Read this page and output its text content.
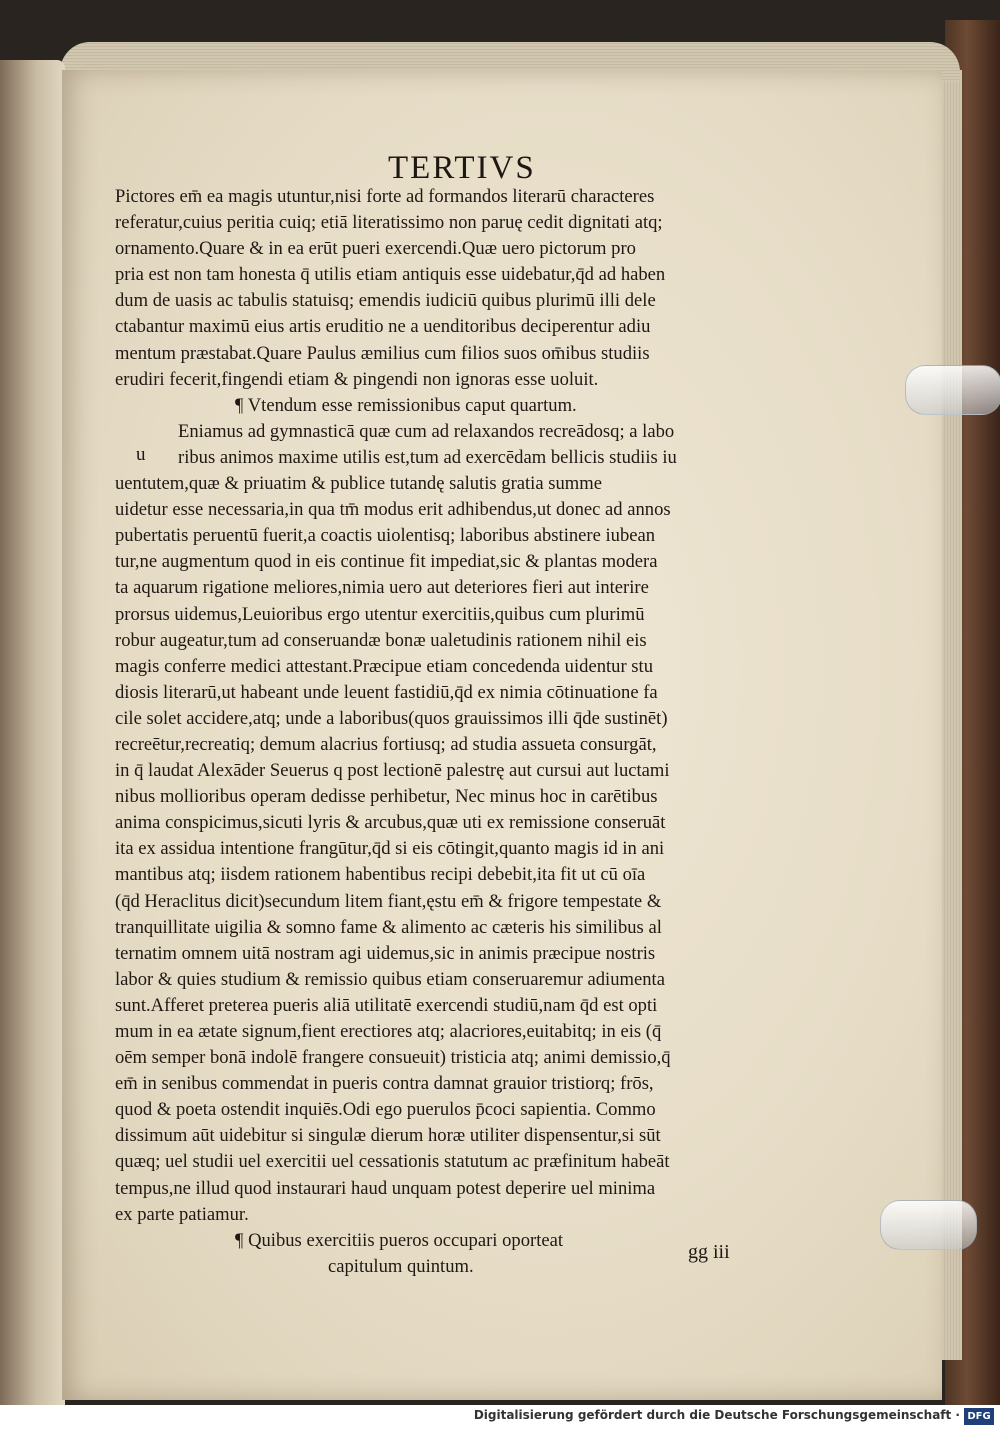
TERTIVS
u
Pictores em̄ ea magis utuntur,nisi forte ad formandos literarū characteres
referatur,cuius peritia cuiq; etiā literatissimo non paruę cedit dignitati atq;
ornamento.Quare & in ea erūt pueri exercendi.Quæ uero pictorum pro
pria est non tam honesta q̄ utilis etiam antiquis esse uidebatur,q̄d ad haben
dum de uasis ac tabulis statuisq; emendis iudiciū quibus plurimū illi dele
ctabantur maximū eius artis eruditio ne a uenditoribus deciperentur adiu
mentum præstabat.Quare Paulus æmilius cum filios suos om̄ibus studiis
erudiri fecerit,fingendi etiam & pingendi non ignoras esse uoluit.
¶ Vtendum esse remissionibus caput quartum.
Eniamus ad gymnasticā quæ cum ad relaxandos recreādosq; a labo
ribus animos maxime utilis est,tum ad exercēdam bellicis studiis iu
uentutem,quæ & priuatim & publice tutandę salutis gratia summe
uidetur esse necessaria,in qua tm̄ modus erit adhibendus,ut donec ad annos
pubertatis peruentū fuerit,a coactis uiolentisq; laboribus abstinere iubean
tur,ne augmentum quod in eis continue fit impediat,sic & plantas modera
ta aquarum rigatione meliores,nimia uero aut deteriores fieri aut interire
prorsus uidemus,Leuioribus ergo utentur exercitiis,quibus cum plurimū
robur augeatur,tum ad conseruandæ bonæ ualetudinis rationem nihil eis
magis conferre medici attestant.Præcipue etiam concedenda uidentur stu
diosis literarū,ut habeant unde leuent fastidiū,q̄d ex nimia cōtinuatione fa
cile solet accidere,atq; unde a laboribus(quos grauissimos illi q̄de sustinēt)
recreētur,recreatiq; demum alacrius fortiusq; ad studia assueta consurgāt,
in q̄ laudat Alexāder Seuerus q post lectionē palestrę aut cursui aut luctami
nibus mollioribus operam dedisse perhibetur, Nec minus hoc in carētibus
anima conspicimus,sicuti lyris & arcubus,quæ uti ex remissione conseruāt
ita ex assidua intentione frangūtur,q̄d si eis cōtingit,quanto magis id in ani
mantibus atq; iisdem rationem habentibus recipi debebit,ita fit ut cū oīa
(q̄d Heraclitus dicit)secundum litem fiant,ęstu em̄ & frigore tempestate &
tranquillitate uigilia & somno fame & alimento ac cæteris his similibus al
ternatim omnem uitā nostram agi uidemus,sic in animis præcipue nostris
labor & quies studium & remissio quibus etiam conseruaremur adiumenta
sunt.Afferet preterea pueris aliā utilitatē exercendi studiū,nam q̄d est opti
mum in ea ætate signum,fient erectiores atq; alacriores,euitabitq; in eis (q̄
oēm semper bonā indolē frangere consueuit) tristicia atq; animi demissio,q̄
em̄ in senibus commendat in pueris contra damnat grauior tristiorq; frōs,
quod & poeta ostendit inquiēs.Odi ego puerulos p̄coci sapientia. Commo
dissimum aūt uidebitur si singulæ dierum horæ utiliter dispensentur,si sūt
quæq; uel studii uel exercitii uel cessationis statutum ac præfinitum habeāt
tempus,ne illud quod instaurari haud unquam potest deperire uel minima
ex parte patiamur.
¶ Quibus exercitiis pueros occupari oporteat
capitulum quintum.
gg iii
Digitalisierung gefördert durch die Deutsche Forschungsgemeinschaft · DFG
